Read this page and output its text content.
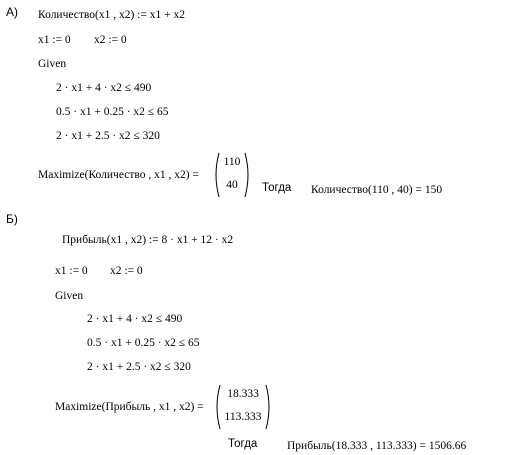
А) Количество(x1 , x2) := x1 + x2
x1 := 0 x2 := 0
Given
2 · x1 + 4 · x2 ≤ 490
0.5 · x1 + 0.25 · x2 ≤ 65
2 · x1 + 2.5 · x2 ≤ 320
Maximize(Количество , x1 , x2) =
110
40	Тогда Количество(110 , 40) = 150
Б)
Прибыль(x1 , x2) := 8 · x1 + 12 · x2
x1 := 0 x2 := 0
Given
2 · x1 + 4 · x2 ≤ 490
0.5 · x1 + 0.25 · x2 ≤ 65
2 · x1 + 2.5 · x2 ≤ 320
Maximize(Прибыль , x1 , x2) =
18.333
113.333
Тогда	Прибыль(18.333 , 113.333) = 1506.66
